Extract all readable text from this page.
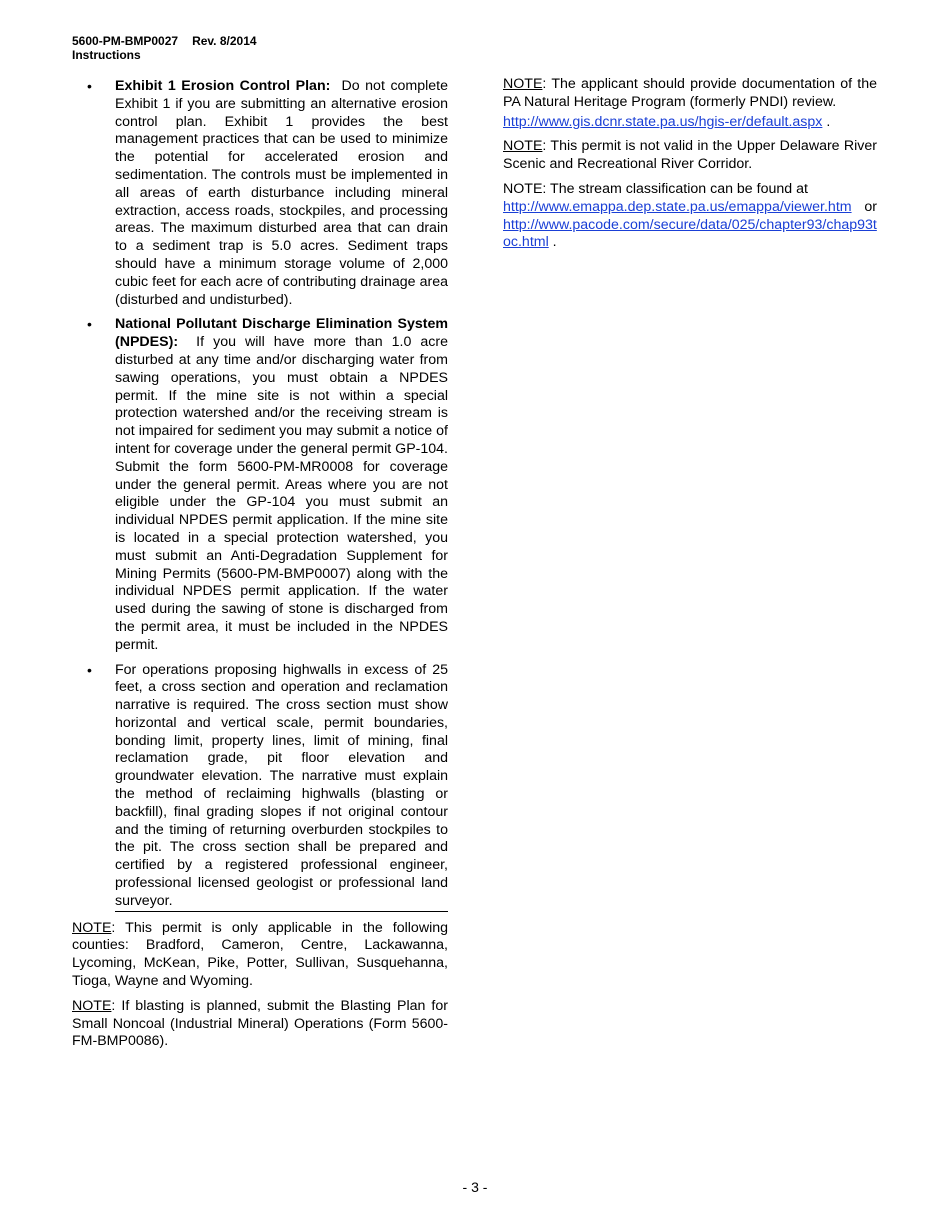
5600-PM-BMP0027 Rev. 8/2014
Instructions
• Exhibit 1 Erosion Control Plan: Do not complete Exhibit 1 if you are submitting an alternative erosion control plan. Exhibit 1 provides the best management practices that can be used to minimize the potential for accelerated erosion and sedimentation. The controls must be implemented in all areas of earth disturbance including mineral extraction, access roads, stockpiles, and processing areas. The maximum disturbed area that can drain to a sediment trap is 5.0 acres. Sediment traps should have a minimum storage volume of 2,000 cubic feet for each acre of contributing drainage area (disturbed and undisturbed).
• National Pollutant Discharge Elimination System (NPDES): If you will have more than 1.0 acre disturbed at any time and/or discharging water from sawing operations, you must obtain a NPDES permit. If the mine site is not within a special protection watershed and/or the receiving stream is not impaired for sediment you may submit a notice of intent for coverage under the general permit GP-104. Submit the form 5600-PM-MR0008 for coverage under the general permit. Areas where you are not eligible under the GP-104 you must submit an individual NPDES permit application. If the mine site is located in a special protection watershed, you must submit an Anti-Degradation Supplement for Mining Permits (5600-PM-BMP0007) along with the individual NPDES permit application. If the water used during the sawing of stone is discharged from the permit area, it must be included in the NPDES permit.
• For operations proposing highwalls in excess of 25 feet, a cross section and operation and reclamation narrative is required. The cross section must show horizontal and vertical scale, permit boundaries, bonding limit, property lines, limit of mining, final reclamation grade, pit floor elevation and groundwater elevation. The narrative must explain the method of reclaiming highwalls (blasting or backfill), final grading slopes if not original contour and the timing of returning overburden stockpiles to the pit. The cross section shall be prepared and certified by a registered professional engineer, professional licensed geologist or professional land surveyor.

NOTE: This permit is only applicable in the following counties: Bradford, Cameron, Centre, Lackawanna, Lycoming, McKean, Pike, Potter, Sullivan, Susquehanna, Tioga, Wayne and Wyoming.

NOTE: If blasting is planned, submit the Blasting Plan for Small Noncoal (Industrial Mineral) Operations (Form 5600-FM-BMP0086).

NOTE: The applicant should provide documentation of the PA Natural Heritage Program (formerly PNDI) review.

http://www.gis.dcnr.state.pa.us/hgis-er/default.aspx .

NOTE: This permit is not valid in the Upper Delaware River Scenic and Recreational River Corridor.

NOTE: The stream classification can be found at

http://www.emappa.dep.state.pa.us/emappa/viewer.htm or
http://www.pacode.com/secure/data/025/chapter93/chap93toc.html .
- 3 -
